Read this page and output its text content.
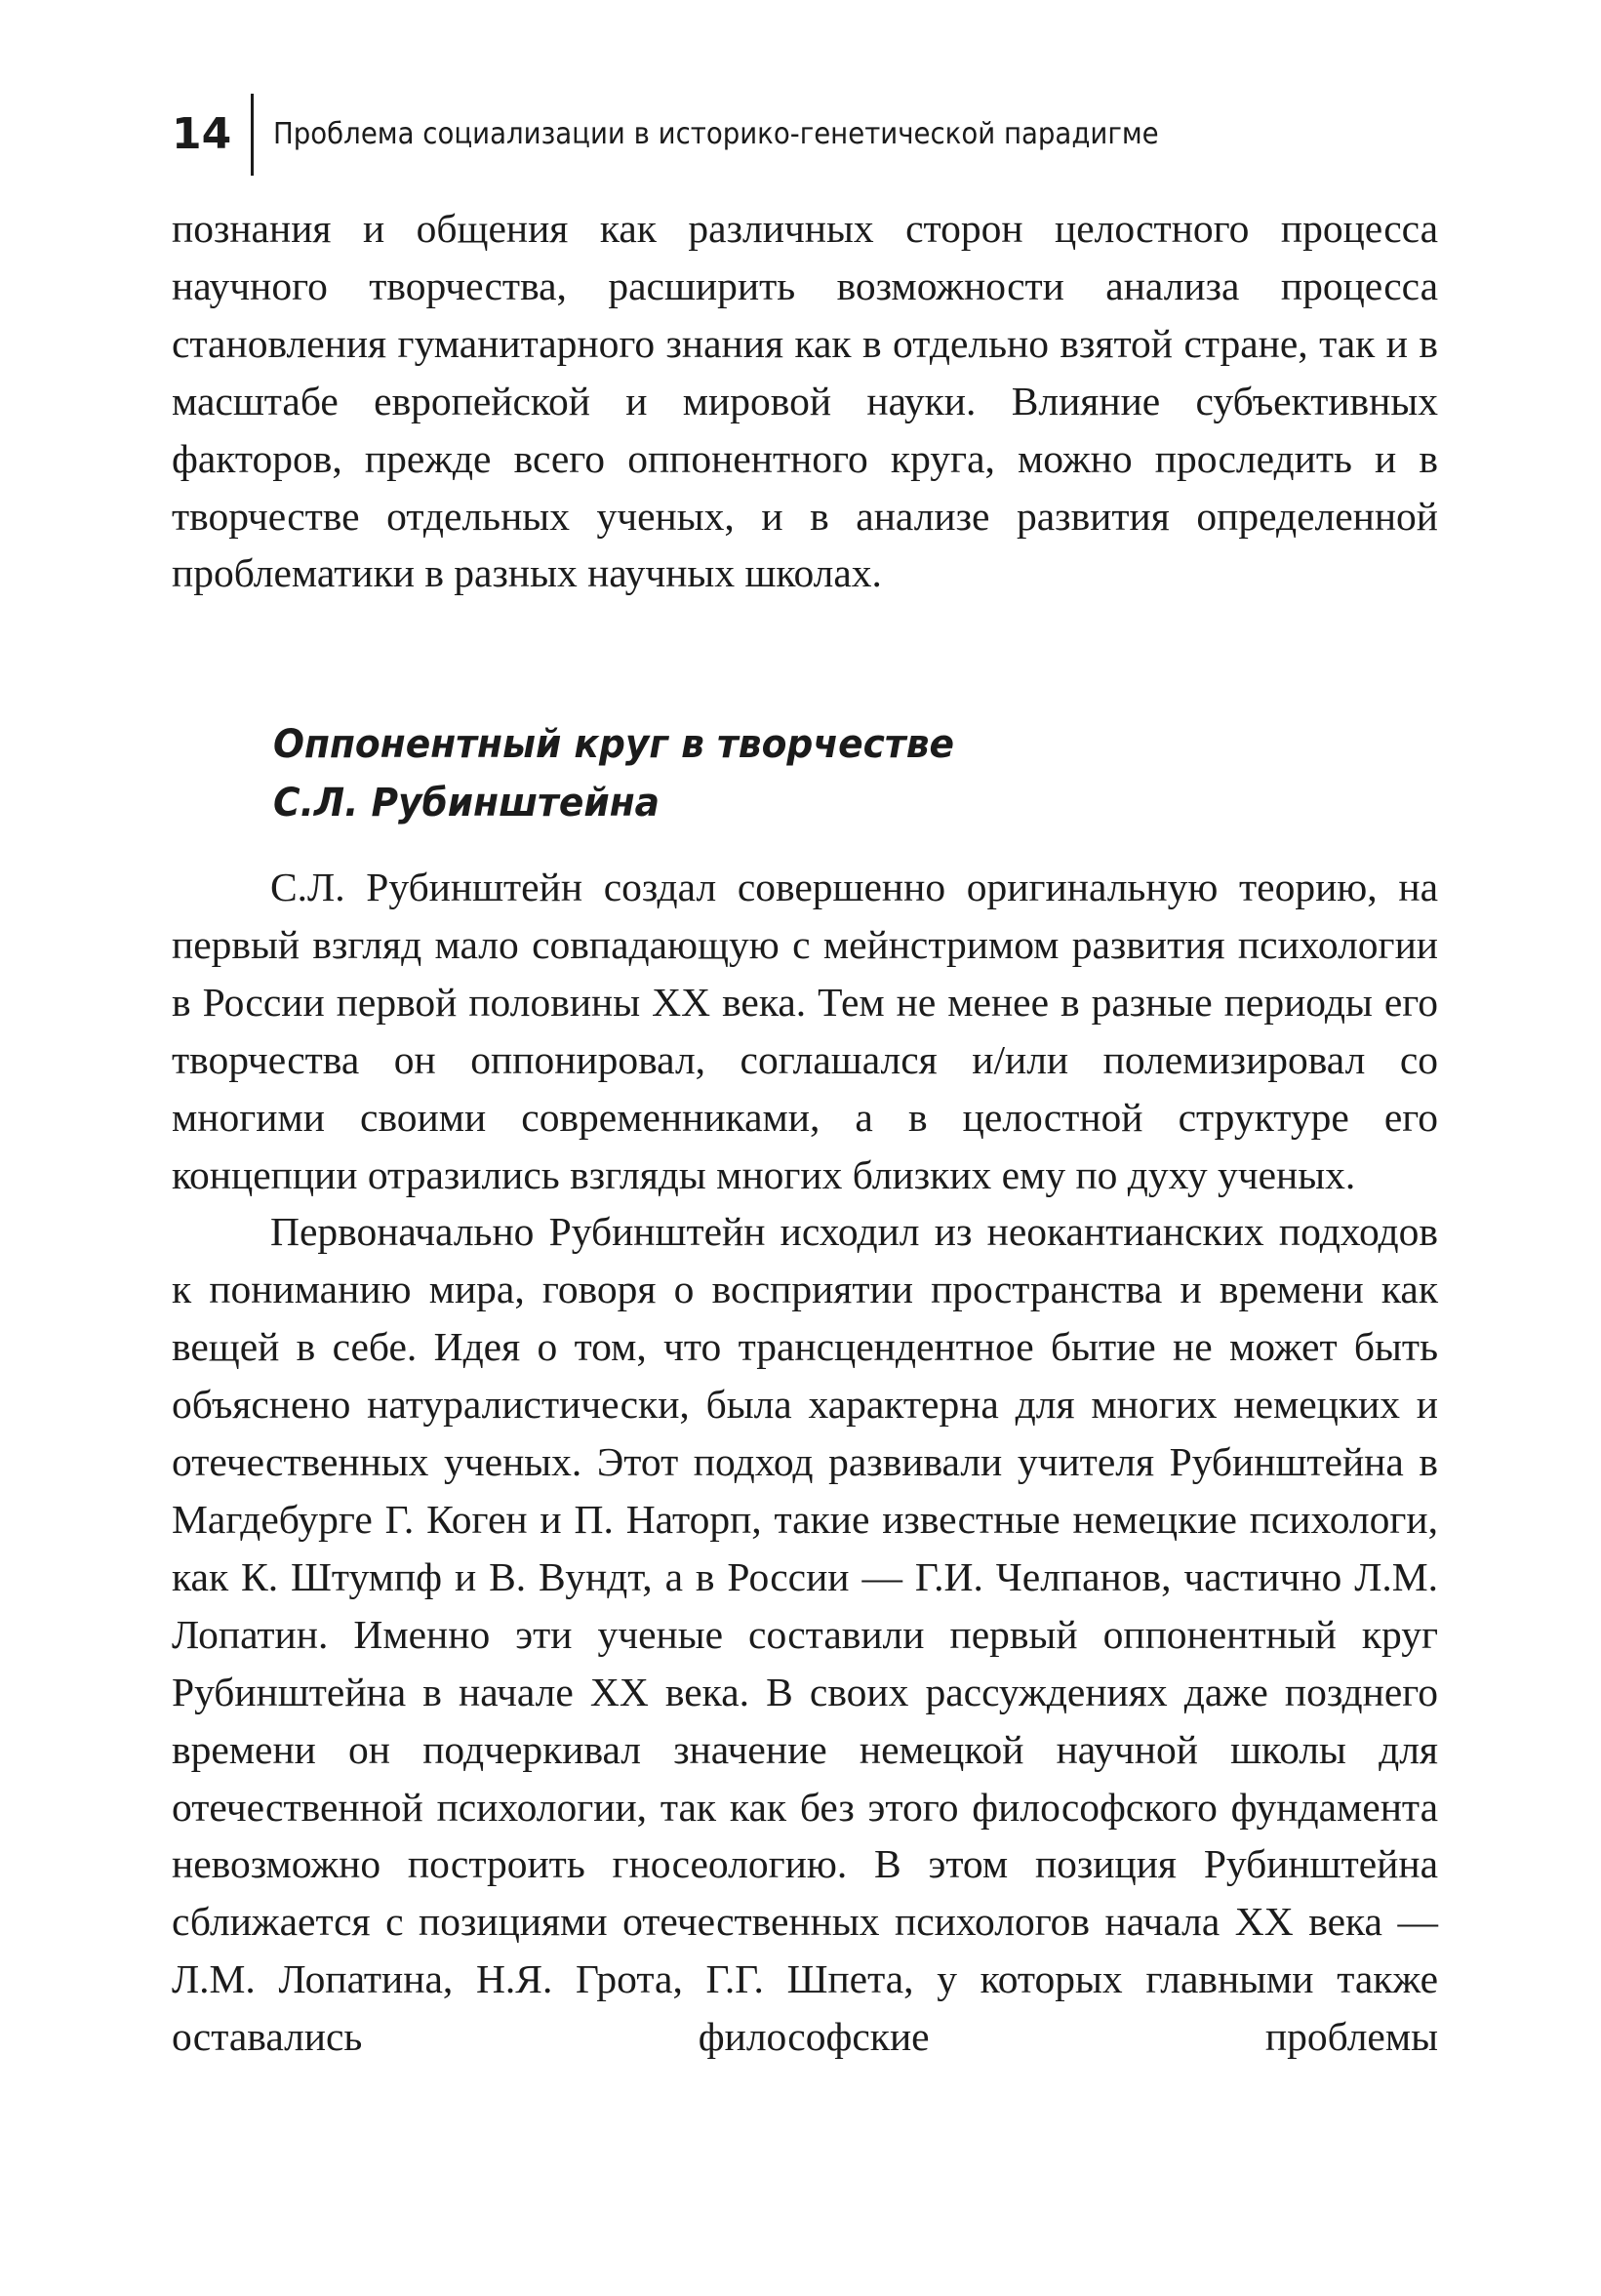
14 Проблема социализации в историко-генетической парадигме

познания и общения как различных сторон целостного процесса научного творчества, расширить возможности анализа процесса становления гуманитарного знания как в отдельно взятой стране, так и в масштабе европейской и мировой науки. Влияние субъективных факторов, прежде всего оппонентного круга, можно проследить и в творчестве отдельных ученых, и в анализе развития определенной проблематики в разных научных школах.

Оппонентный круг в творчестве
С.Л. Рубинштейна

С.Л. Рубинштейн создал совершенно оригинальную теорию, на первый взгляд мало совпадающую с мейнстримом развития психологии в России первой половины XX века. Тем не менее в разные периоды его творчества он оппонировал, соглашался и/или полемизировал со многими своими современниками, а в целостной структуре его концепции отразились взгляды многих близких ему по духу ученых.

Первоначально Рубинштейн исходил из неокантианских подходов к пониманию мира, говоря о восприятии пространства и времени как вещей в себе. Идея о том, что трансцендентное бытие не может быть объяснено натуралистически, была характерна для многих немецких и отечественных ученых. Этот подход развивали учителя Рубинштейна в Магдебурге Г. Коген и П. Наторп, такие известные немецкие психологи, как К. Штумпф и В. Вундт, а в России — Г.И. Челпанов, частично Л.М. Лопатин. Именно эти ученые составили первый оппонентный круг Рубинштейна в начале XX века. В своих рассуждениях даже позднего времени он подчеркивал значение немецкой научной школы для отечественной психологии, так как без этого философского фундамента невозможно построить гносеологию. В этом позиция Рубинштейна сближается с позициями отечественных психологов начала XX века — Л.М. Лопатина, Н.Я. Грота, Г.Г. Шпета, у которых главными также оставались философские проблемы
